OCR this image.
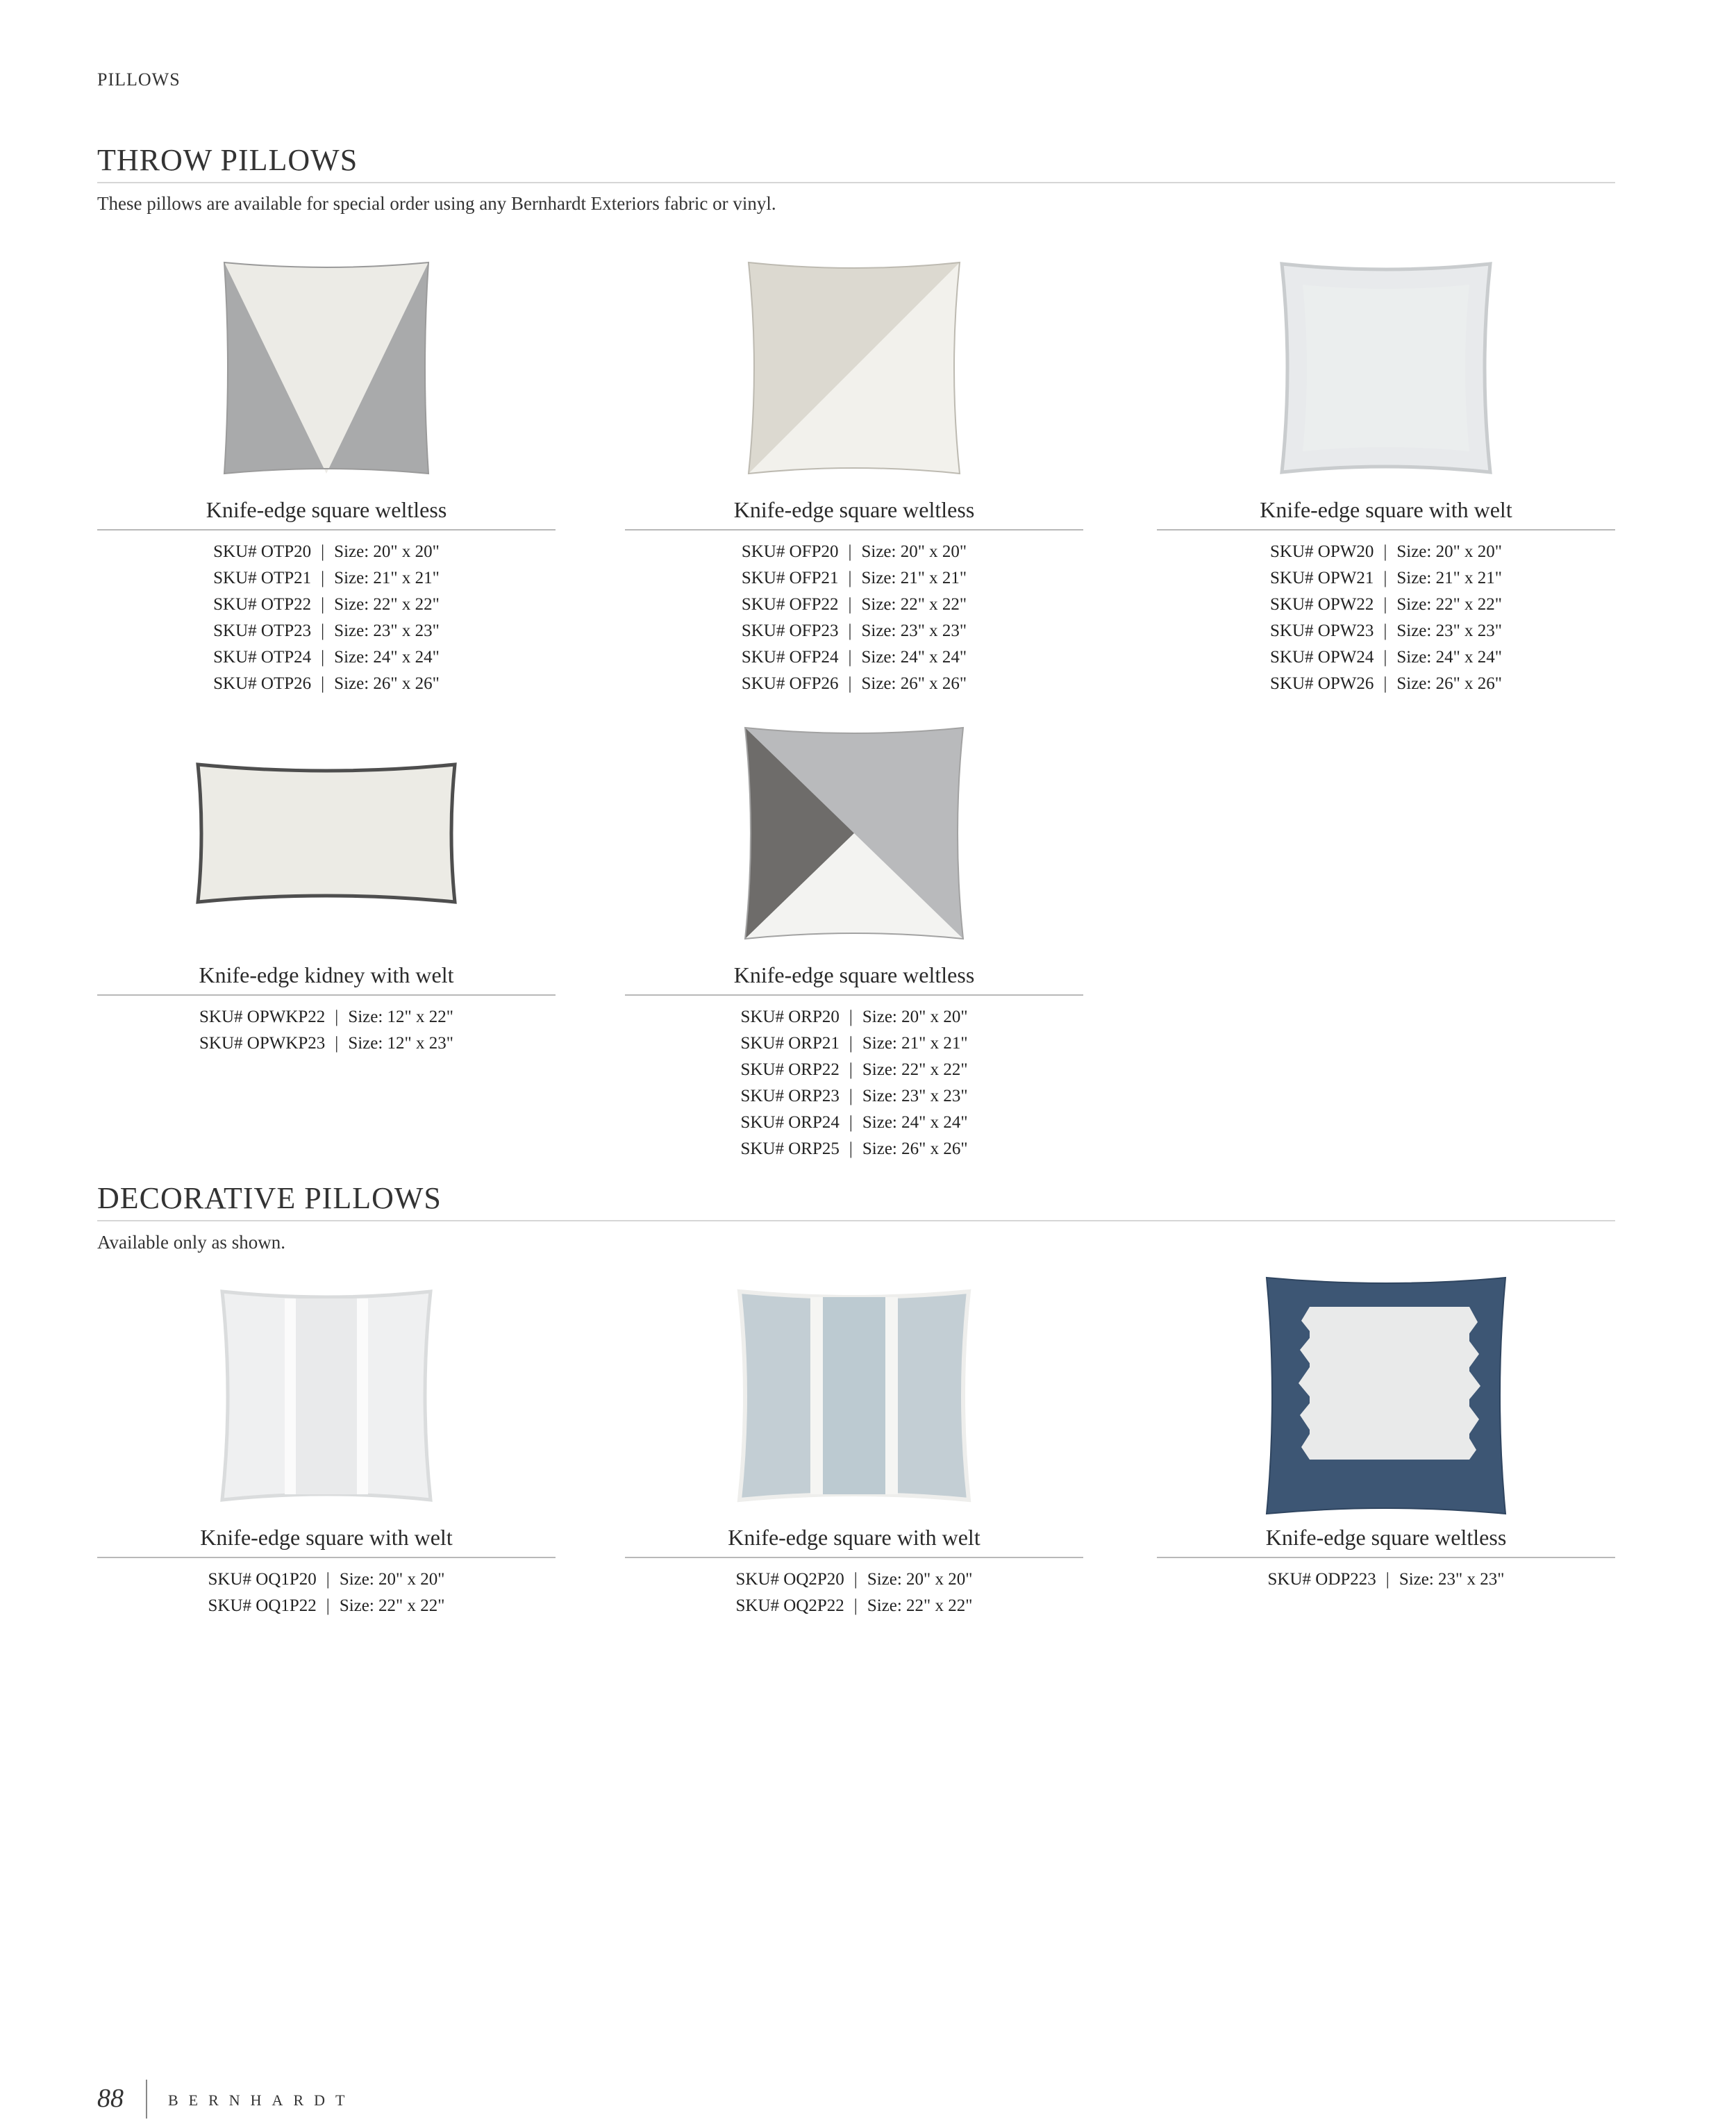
PILLOWS
THROW PILLOWS
These pillows are available for special order using any Bernhardt Exteriors fabric or vinyl.
Knife-edge square weltless
SKU# OTP20 | Size: 20" x 20"
SKU# OTP21 | Size: 21" x 21"
SKU# OTP22 | Size: 22" x 22"
SKU# OTP23 | Size: 23" x 23"
SKU# OTP24 | Size: 24" x 24"
SKU# OTP26 | Size: 26" x 26"
Knife-edge square weltless
SKU# OFP20 | Size: 20" x 20"
SKU# OFP21 | Size: 21" x 21"
SKU# OFP22 | Size: 22" x 22"
SKU# OFP23 | Size: 23" x 23"
SKU# OFP24 | Size: 24" x 24"
SKU# OFP26 | Size: 26" x 26"
Knife-edge square with welt
SKU# OPW20 | Size: 20" x 20"
SKU# OPW21 | Size: 21" x 21"
SKU# OPW22 | Size: 22" x 22"
SKU# OPW23 | Size: 23" x 23"
SKU# OPW24 | Size: 24" x 24"
SKU# OPW26 | Size: 26" x 26"
Knife-edge kidney with welt
SKU# OPWKP22 | Size: 12" x 22"
SKU# OPWKP23 | Size: 12" x 23"
Knife-edge square weltless
SKU# ORP20 | Size: 20" x 20"
SKU# ORP21 | Size: 21" x 21"
SKU# ORP22 | Size: 22" x 22"
SKU# ORP23 | Size: 23" x 23"
SKU# ORP24 | Size: 24" x 24"
SKU# ORP25 | Size: 26" x 26"
DECORATIVE PILLOWS
Available only as shown.
Knife-edge square with welt
SKU# OQ1P20 | Size: 20" x 20"
SKU# OQ1P22 | Size: 22" x 22"
Knife-edge square with welt
SKU# OQ2P20 | Size: 20" x 20"
SKU# OQ2P22 | Size: 22" x 22"
Knife-edge square weltless
SKU# ODP223 | Size: 23" x 23"
88	BERNHARDT
